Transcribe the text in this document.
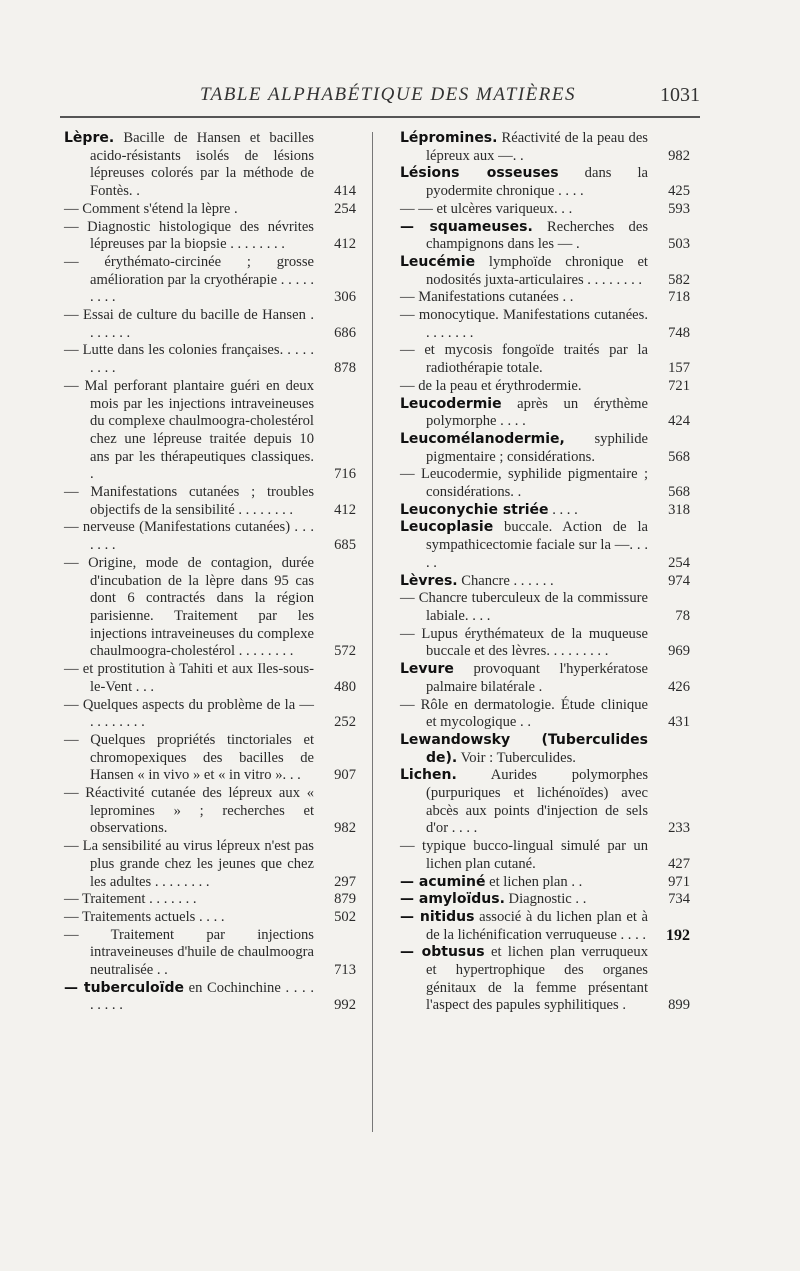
TABLE ALPHABÉTIQUE DES MATIÈRES	1031

Lèpre. Bacille de Hansen et bacilles acido-résistants isolés de lésions lépreuses colorés par la méthode de Fontès. .	414

— Comment s'étend la lèpre .	254

— Diagnostic histologique des névrites lépreuses par la biopsie . . . . . . . .	412

— érythémato-circinée ; grosse amélioration par la cryothérapie . . . . . . . . .	306

— Essai de culture du bacille de Hansen . . . . . . .	686

— Lutte dans les colonies françaises. . . . . . . . .	878

— Mal perforant plantaire guéri en deux mois par les injections intraveineuses du complexe chaulmoogra-cholestérol chez une lépreuse traitée depuis 10 ans par les thérapeutiques classiques. .	716

— Manifestations cutanées ; troubles objectifs de la sensibilité . . . . . . . .	412

— nerveuse (Manifestations cutanées) . . . . . . .	685

— Origine, mode de contagion, durée d'incubation de la lèpre dans 95 cas dont 6 contractés dans la région parisienne. Traitement par les injections intraveineuses du complexe chaulmoogra-cholestérol . . . . . . . .	572

— et prostitution à Tahiti et aux Iles-sous-le-Vent . . .	480

— Quelques aspects du problème de la — . . . . . . . .	252

— Quelques propriétés tinctoriales et chromopexiques des bacilles de Hansen « in vivo » et « in vitro ». . .	907

— Réactivité cutanée des lépreux aux « lepromines » ; recherches et observations.	982

— La sensibilité au virus lépreux n'est pas plus grande chez les jeunes que chez les adultes . . . . . . . .	297

— Traitement . . . . . . .	879

— Traitements actuels . . . .	502

— Traitement par injections intraveineuses d'huile de chaulmoogra neutralisée . .	713

— tuberculoïde en Cochinchine . . . . . . . . .	992

Lépromines. Réactivité de la peau des lépreux aux —. .	982

Lésions osseuses dans la pyodermite chronique . . . .	425

— — et ulcères variqueux. . .	593

— squameuses. Recherches des champignons dans les — .	503

Leucémie lymphoïde chronique et nodosités juxta-articulaires . . . . . . . .	582

— Manifestations cutanées . .	718

— monocytique. Manifestations cutanées. . . . . . . .	748

— et mycosis fongoïde traités par la radiothérapie totale.	157

— de la peau et érythrodermie.	721

Leucodermie après un érythème polymorphe . . . .	424

Leucomélanodermie, syphilide pigmentaire ; considérations.	568

— Leucodermie, syphilide pigmentaire ; considérations. .	568

Leuconychie striée . . . .	318

Leucoplasie buccale. Action de la sympathicectomie faciale sur la —. . . . .	254

Lèvres. Chancre . . . . . .	974

— Chancre tuberculeux de la commissure labiale. . . .	78

— Lupus érythémateux de la muqueuse buccale et des lèvres. . . . . . . . .	969

Levure provoquant l'hyperkératose palmaire bilatérale .	426

— Rôle en dermatologie. Étude clinique et mycologique . .	431

Lewandowsky (Tuberculides de). Voir : Tuberculides.

Lichen. Aurides polymorphes (purpuriques et lichénoïdes) avec abcès aux points d'injection de sels d'or . . . .	233

— typique bucco-lingual simulé par un lichen plan cutané.	427

— acuminé et lichen plan . .	971

— amyloïdus. Diagnostic . .	734

— nitidus associé à du lichen plan et à de la lichénification verruqueuse . . . .	192

— obtusus et lichen plan verruqueux et hypertrophique des organes génitaux de la femme présentant l'aspect des papules syphilitiques .	899
